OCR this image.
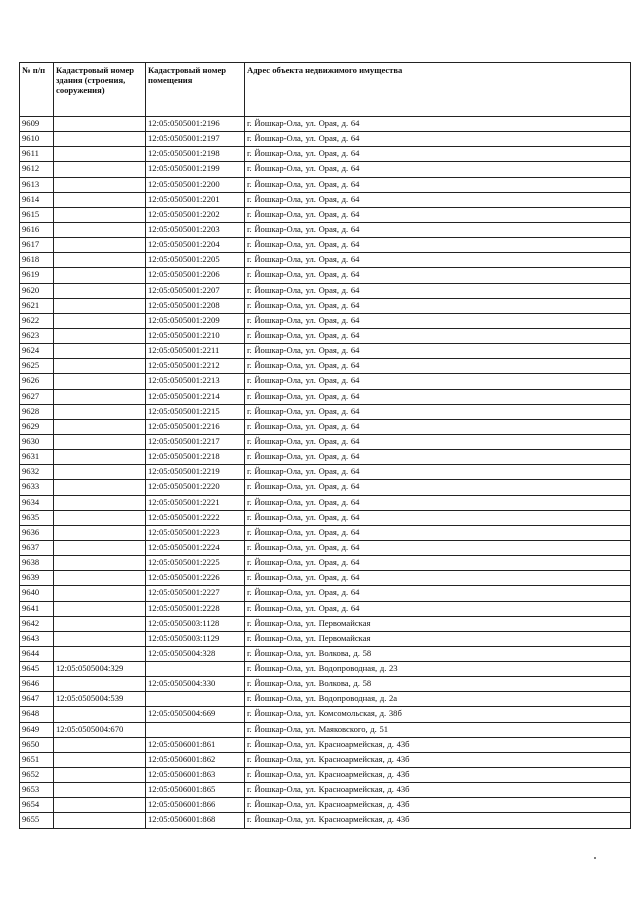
№ п/п	Кадастровый номер здания (строения, сооружения)	Кадастровый номер помещения	Адрес объекта недвижимого имущества
9609		12:05:0505001:2196	г. Йошкар-Ола, ул. Орая, д. 64
9610		12:05:0505001:2197	г. Йошкар-Ола, ул. Орая, д. 64
9611		12:05:0505001:2198	г. Йошкар-Ола, ул. Орая, д. 64
9612		12:05:0505001:2199	г. Йошкар-Ола, ул. Орая, д. 64
9613		12:05:0505001:2200	г. Йошкар-Ола, ул. Орая, д. 64
9614		12:05:0505001:2201	г. Йошкар-Ола, ул. Орая, д. 64
9615		12:05:0505001:2202	г. Йошкар-Ола, ул. Орая, д. 64
9616		12:05:0505001:2203	г. Йошкар-Ола, ул. Орая, д. 64
9617		12:05:0505001:2204	г. Йошкар-Ола, ул. Орая, д. 64
9618		12:05:0505001:2205	г. Йошкар-Ола, ул. Орая, д. 64
9619		12:05:0505001:2206	г. Йошкар-Ола, ул. Орая, д. 64
9620		12:05:0505001:2207	г. Йошкар-Ола, ул. Орая, д. 64
9621		12:05:0505001:2208	г. Йошкар-Ола, ул. Орая, д. 64
9622		12:05:0505001:2209	г. Йошкар-Ола, ул. Орая, д. 64
9623		12:05:0505001:2210	г. Йошкар-Ола, ул. Орая, д. 64
9624		12:05:0505001:2211	г. Йошкар-Ола, ул. Орая, д. 64
9625		12:05:0505001:2212	г. Йошкар-Ола, ул. Орая, д. 64
9626		12:05:0505001:2213	г. Йошкар-Ола, ул. Орая, д. 64
9627		12:05:0505001:2214	г. Йошкар-Ола, ул. Орая, д. 64
9628		12:05:0505001:2215	г. Йошкар-Ола, ул. Орая, д. 64
9629		12:05:0505001:2216	г. Йошкар-Ола, ул. Орая, д. 64
9630		12:05:0505001:2217	г. Йошкар-Ола, ул. Орая, д. 64
9631		12:05:0505001:2218	г. Йошкар-Ола, ул. Орая, д. 64
9632		12:05:0505001:2219	г. Йошкар-Ола, ул. Орая, д. 64
9633		12:05:0505001:2220	г. Йошкар-Ола, ул. Орая, д. 64
9634		12:05:0505001:2221	г. Йошкар-Ола, ул. Орая, д. 64
9635		12:05:0505001:2222	г. Йошкар-Ола, ул. Орая, д. 64
9636		12:05:0505001:2223	г. Йошкар-Ола, ул. Орая, д. 64
9637		12:05:0505001:2224	г. Йошкар-Ола, ул. Орая, д. 64
9638		12:05:0505001:2225	г. Йошкар-Ола, ул. Орая, д. 64
9639		12:05:0505001:2226	г. Йошкар-Ола, ул. Орая, д. 64
9640		12:05:0505001:2227	г. Йошкар-Ола, ул. Орая, д. 64
9641		12:05:0505001:2228	г. Йошкар-Ола, ул. Орая, д. 64
9642		12:05:0505003:1128	г. Йошкар-Ола, ул. Первомайская
9643		12:05:0505003:1129	г. Йошкар-Ола, ул. Первомайская
9644		12:05:0505004:328	г. Йошкар-Ола, ул. Волкова, д. 58
9645	12:05:0505004:329		г. Йошкар-Ола, ул. Водопроводная, д. 23
9646		12:05:0505004:330	г. Йошкар-Ола, ул. Волкова, д. 58
9647	12:05:0505004:539		г. Йошкар-Ола, ул. Водопроводная, д. 2а
9648		12:05:0505004:669	г. Йошкар-Ола, ул. Комсомольская, д. 38б
9649	12:05:0505004:670		г. Йошкар-Ола, ул. Маяковского, д. 51
9650		12:05:0506001:861	г. Йошкар-Ола, ул. Красноармейская, д. 43б
9651		12:05:0506001:862	г. Йошкар-Ола, ул. Красноармейская, д. 43б
9652		12:05:0506001:863	г. Йошкар-Ола, ул. Красноармейская, д. 43б
9653		12:05:0506001:865	г. Йошкар-Ола, ул. Красноармейская, д. 43б
9654		12:05:0506001:866	г. Йошкар-Ола, ул. Красноармейская, д. 43б
9655		12:05:0506001:868	г. Йошкар-Ола, ул. Красноармейская, д. 43б
